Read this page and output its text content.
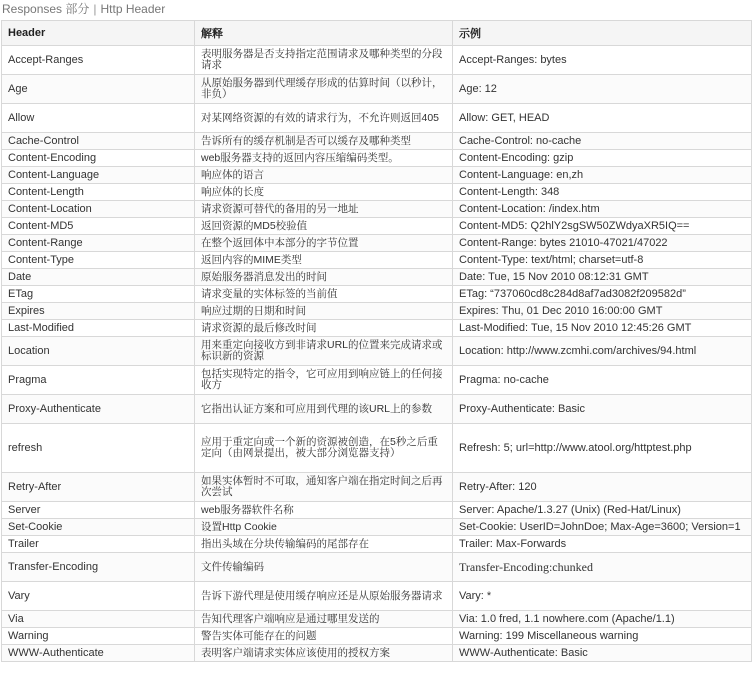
Responses 部分 | Http Header
Header	解释	示例
Accept-Ranges	表明服务器是否支持指定范围请求及哪种类型的分段请求	Accept-Ranges: bytes
Age	从原始服务器到代理缓存形成的估算时间（以秒计，非负）	Age: 12
Allow	对某网络资源的有效的请求行为，不允许则返回405	Allow: GET, HEAD
Cache-Control	告诉所有的缓存机制是否可以缓存及哪种类型	Cache-Control: no-cache
Content-Encoding	web服务器支持的返回内容压缩编码类型。	Content-Encoding: gzip
Content-Language	响应体的语言	Content-Language: en,zh
Content-Length	响应体的长度	Content-Length: 348
Content-Location	请求资源可替代的备用的另一地址	Content-Location: /index.htm
Content-MD5	返回资源的MD5校验值	Content-MD5: Q2hlY2sgSW50ZWdyaXR5IQ==
Content-Range	在整个返回体中本部分的字节位置	Content-Range: bytes 21010-47021/47022
Content-Type	返回内容的MIME类型	Content-Type: text/html; charset=utf-8
Date	原始服务器消息发出的时间	Date: Tue, 15 Nov 2010 08:12:31 GMT
ETag	请求变量的实体标签的当前值	ETag: “737060cd8c284d8af7ad3082f209582d”
Expires	响应过期的日期和时间	Expires: Thu, 01 Dec 2010 16:00:00 GMT
Last-Modified	请求资源的最后修改时间	Last-Modified: Tue, 15 Nov 2010 12:45:26 GMT
Location	用来重定向接收方到非请求URL的位置来完成请求或标识新的资源	Location: http://www.zcmhi.com/archives/94.html
Pragma	包括实现特定的指令，它可应用到响应链上的任何接收方	Pragma: no-cache
Proxy-Authenticate	它指出认证方案和可应用到代理的该URL上的参数	Proxy-Authenticate: Basic
refresh	应用于重定向或一个新的资源被创造，在5秒之后重定向（由网景提出，被大部分浏览器支持）	Refresh: 5; url=http://www.atool.org/httptest.php
Retry-After	如果实体暂时不可取，通知客户端在指定时间之后再次尝试	Retry-After: 120
Server	web服务器软件名称	Server: Apache/1.3.27 (Unix) (Red-Hat/Linux)
Set-Cookie	设置Http Cookie	Set-Cookie: UserID=JohnDoe; Max-Age=3600; Version=1
Trailer	指出头域在分块传输编码的尾部存在	Trailer: Max-Forwards
Transfer-Encoding	文件传输编码	Transfer-Encoding:chunked
Vary	告诉下游代理是使用缓存响应还是从原始服务器请求	Vary: *
Via	告知代理客户端响应是通过哪里发送的	Via: 1.0 fred, 1.1 nowhere.com (Apache/1.1)
Warning	警告实体可能存在的问题	Warning: 199 Miscellaneous warning
WWW-Authenticate	表明客户端请求实体应该使用的授权方案	WWW-Authenticate: Basic
